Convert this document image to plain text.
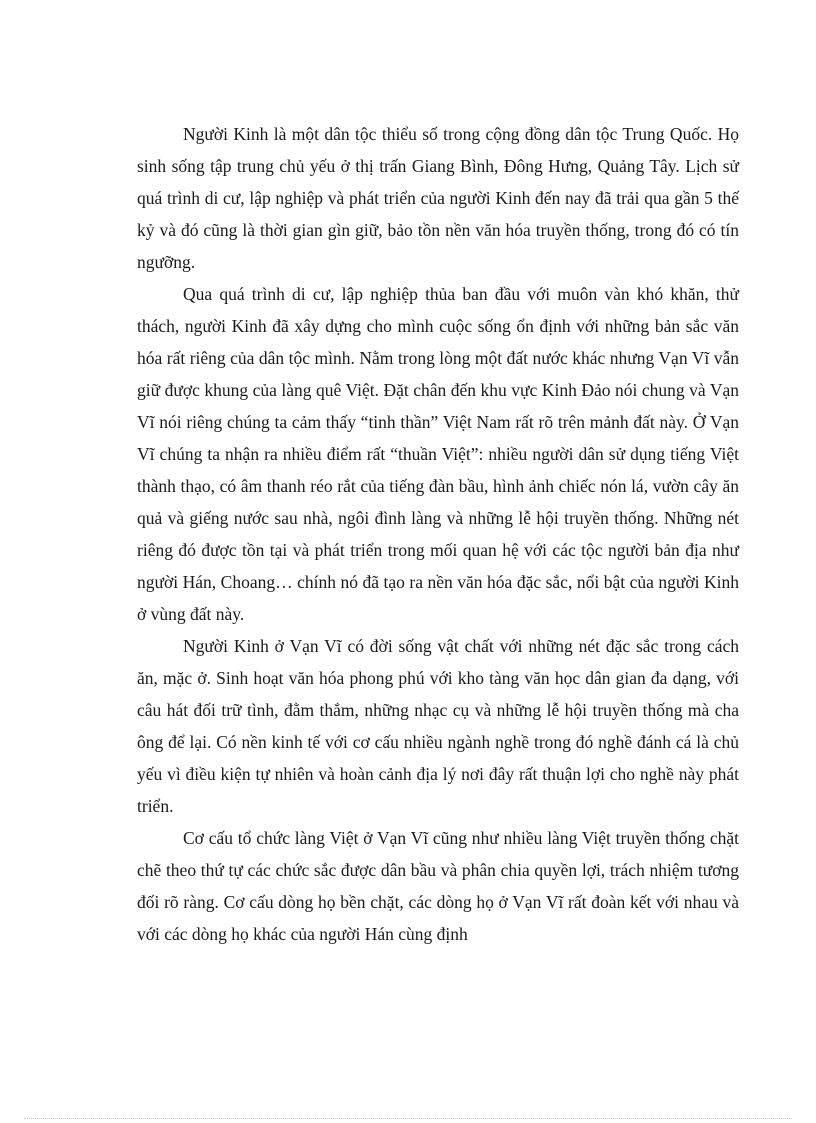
Người Kinh là một dân tộc thiểu số trong cộng đồng dân tộc Trung Quốc. Họ sinh sống tập trung chủ yếu ở thị trấn Giang Bình, Đông Hưng, Quảng Tây. Lịch sử quá trình di cư, lập nghiệp và phát triển của người Kinh đến nay đã trải qua gần 5 thế kỷ và đó cũng là thời gian gìn giữ, bảo tồn nền văn hóa truyền thống, trong đó có tín ngưỡng.

Qua quá trình di cư, lập nghiệp thủa ban đầu với muôn vàn khó khăn, thử thách, người Kinh đã xây dựng cho mình cuộc sống ổn định với những bản sắc văn hóa rất riêng của dân tộc mình. Nằm trong lòng một đất nước khác nhưng Vạn Vĩ vẫn giữ được khung của làng quê Việt. Đặt chân đến khu vực Kinh Đảo nói chung và Vạn Vĩ nói riêng chúng ta cảm thấy “tinh thần” Việt Nam rất rõ trên mảnh đất này. Ở Vạn Vĩ chúng ta nhận ra nhiều điểm rất “thuần Việt”: nhiều người dân sử dụng tiếng Việt thành thạo, có âm thanh réo rắt của tiếng đàn bầu, hình ảnh chiếc nón lá, vườn cây ăn quả và giếng nước sau nhà, ngôi đình làng và những lễ hội truyền thống. Những nét riêng đó được tồn tại và phát triển trong mối quan hệ với các tộc người bản địa như người Hán, Choang… chính nó đã tạo ra nền văn hóa đặc sắc, nổi bật của người Kinh ở vùng đất này.

Người Kinh ở Vạn Vĩ có đời sống vật chất với những nét đặc sắc trong cách ăn, mặc ở. Sinh hoạt văn hóa phong phú với kho tàng văn học dân gian đa dạng, với câu hát đối trữ tình, đằm thắm, những nhạc cụ và những lễ hội truyền thống mà cha ông để lại. Có nền kinh tế với cơ cấu nhiều ngành nghề trong đó nghề đánh cá là chủ yếu vì điều kiện tự nhiên và hoàn cảnh địa lý nơi đây rất thuận lợi cho nghề này phát triển.

Cơ cấu tổ chức làng Việt ở Vạn Vĩ cũng như nhiều làng Việt truyền thống chặt chẽ theo thứ tự các chức sắc được dân bầu và phân chia quyền lợi, trách nhiệm tương đối rõ ràng. Cơ cấu dòng họ bền chặt, các dòng họ ở Vạn Vĩ rất đoàn kết với nhau và với các dòng họ khác của người Hán cùng định
